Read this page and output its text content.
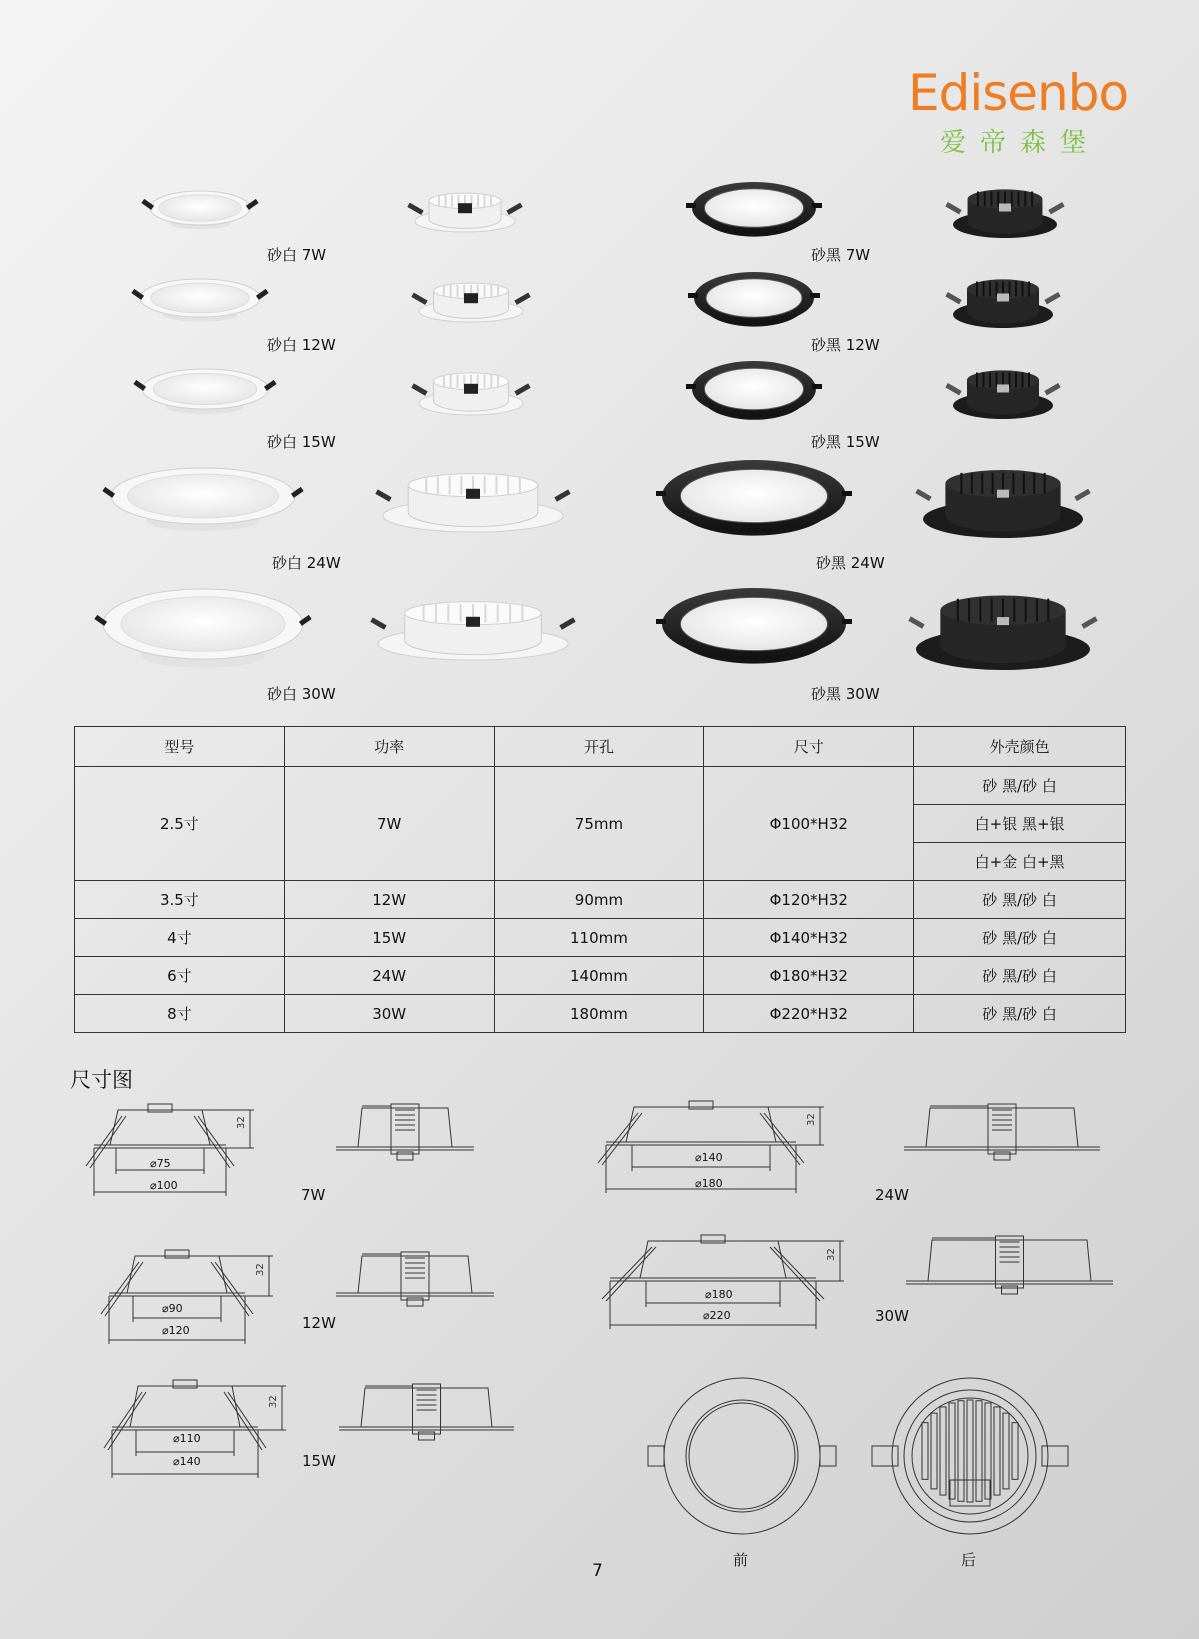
Edisenbo
爱帝森堡
砂白 7W
砂白 12W
砂白 15W
砂白 24W
砂白 30W
砂黑 7W
砂黑 12W
砂黑 15W
砂黑 24W
砂黑 30W
型号	功率	开孔	尺寸	外壳颜色
2.5寸	7W	75mm	Φ100*H32	砂 黑/砂 白
				白+银 黑+银
				白+金 白+黑
3.5寸	12W	90mm	Φ120*H32	砂 黑/砂 白
4寸	15W	110mm	Φ140*H32	砂 黑/砂 白
6寸	24W	140mm	Φ180*H32	砂 黑/砂 白
8寸	30W	180mm	Φ220*H32	砂 黑/砂 白
尺寸图
32
32
32
32
32
⌀75
⌀100
7W
⌀90
⌀120	12W
⌀110
⌀140	15W
⌀140
⌀180
24W
⌀180
⌀220	30W
前	后
7
